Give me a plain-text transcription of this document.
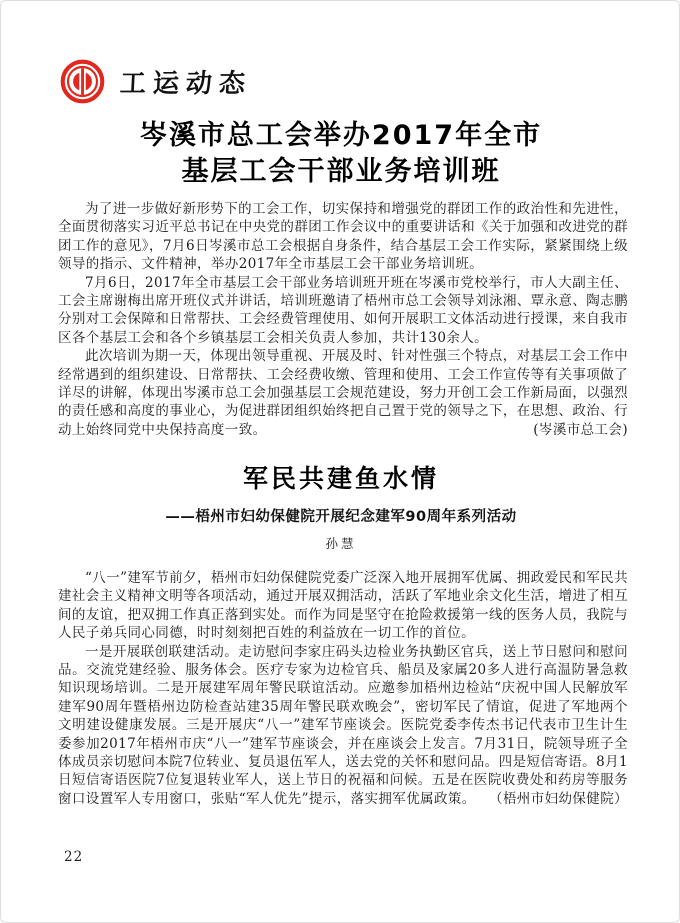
工运动态
岑溪市总工会举办2017年全市
基层工会干部业务培训班

为了进一步做好新形势下的工会工作，切实保持和增强党的群团工作的政治性和先进性，全面贯彻落实习近平总书记在中央党的群团工作会议中的重要讲话和《关于加强和改进党的群团工作的意见》，7月6日岑溪市总工会根据自身条件，结合基层工会工作实际，紧紧围绕上级领导的指示、文件精神，举办2017年全市基层工会干部业务培训班。

7月6日，2017年全市基层工会干部业务培训班开班在岑溪市党校举行，市人大副主任、工会主席谢梅出席开班仪式并讲话，培训班邀请了梧州市总工会领导刘泳湘、覃永意、陶志鹏分别对工会保障和日常帮扶、工会经费管理使用、如何开展职工文体活动进行授课，来自我市区各个基层工会和各个乡镇基层工会相关负责人参加，共计130余人。

此次培训为期一天，体现出领导重视、开展及时、针对性强三个特点，对基层工会工作中经常遇到的组织建设、日常帮扶、工会经费收缴、管理和使用、工会工作宣传等有关事项做了详尽的讲解，体现出岑溪市总工会加强基层工会规范建设，努力开创工会工作新局面，以强烈的责任感和高度的事业心，为促进群团组织始终把自己置于党的领导之下，在思想、政治、行动上始终同党中央保持高度一致。	(岑溪市总工会)
军民共建鱼水情
——梧州市妇幼保健院开展纪念建军90周年系列活动
孙慧

“八一”建军节前夕，梧州市妇幼保健院党委广泛深入地开展拥军优属、拥政爱民和军民共建社会主义精神文明等各项活动，通过开展双拥活动，活跃了军地业余文化生活，增进了相互间的友谊，把双拥工作真正落到实处。而作为同是坚守在抢险救援第一线的医务人员，我院与人民子弟兵同心同德，时时刻刻把百姓的利益放在一切工作的首位。

一是开展联创联建活动。走访慰问李家庄码头边检业务执勤区官兵，送上节日慰问和慰问品。交流党建经验、服务体会。医疗专家为边检官兵、船员及家属20多人进行高温防暑急救知识现场培训。二是开展建军周年警民联谊活动。应邀参加梧州边检站“庆祝中国人民解放军建军90周年暨梧州边防检查站建35周年警民联欢晚会”，密切军民了情谊，促进了军地两个文明建设健康发展。三是开展庆“八一”建军节座谈会。医院党委李传杰书记代表市卫生计生委参加2017年梧州市庆“八一”建军节座谈会，并在座谈会上发言。7月31日，院领导班子全体成员亲切慰问本院7位转业、复员退伍军人，送去党的关怀和慰问品。四是短信寄语。8月1日短信寄语医院7位复退转业军人，送上节日的祝福和问候。五是在医院收费处和药房等服务窗口设置军人专用窗口，张贴“军人优先”提示，落实拥军优属政策。 （梧州市妇幼保健院）
22
